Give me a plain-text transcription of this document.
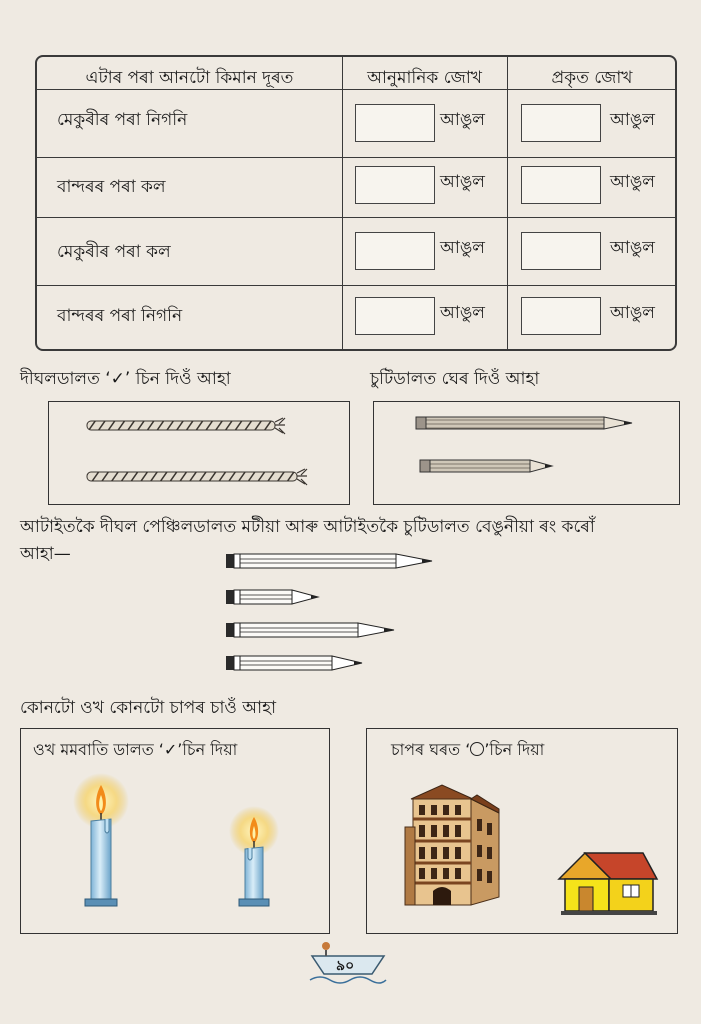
এটাৰ পৰা আনটো কিমান দূৰত	আনুমানিক জোখ	প্ৰকৃত জোখ
মেকুৰীৰ পৰা নিগনি	আঙুল	আঙুল
বান্দৰৰ পৰা কল	আঙুল	আঙুল
মেকুৰীৰ পৰা কল	আঙুল	আঙুল
বান্দৰৰ পৰা নিগনি	আঙুল	আঙুল
দীঘলডালত ‘✓’ চিন দিওঁ আহা	চুটিডালত ঘেৰ দিওঁ আহা
আটাইতকৈ দীঘল পেঞ্চিলডালত মটীয়া আৰু আটাইতকৈ চুটিডালত বেঙুনীয়া ৰং কৰোঁ
আহা—
কোনটো ওখ কোনটো চাপৰ চাওঁ আহা
ওখ মমবাতি ডালত ‘✓’চিন দিয়া	চাপৰ ঘৰত ‘ ’চিন দিয়া
৯০
